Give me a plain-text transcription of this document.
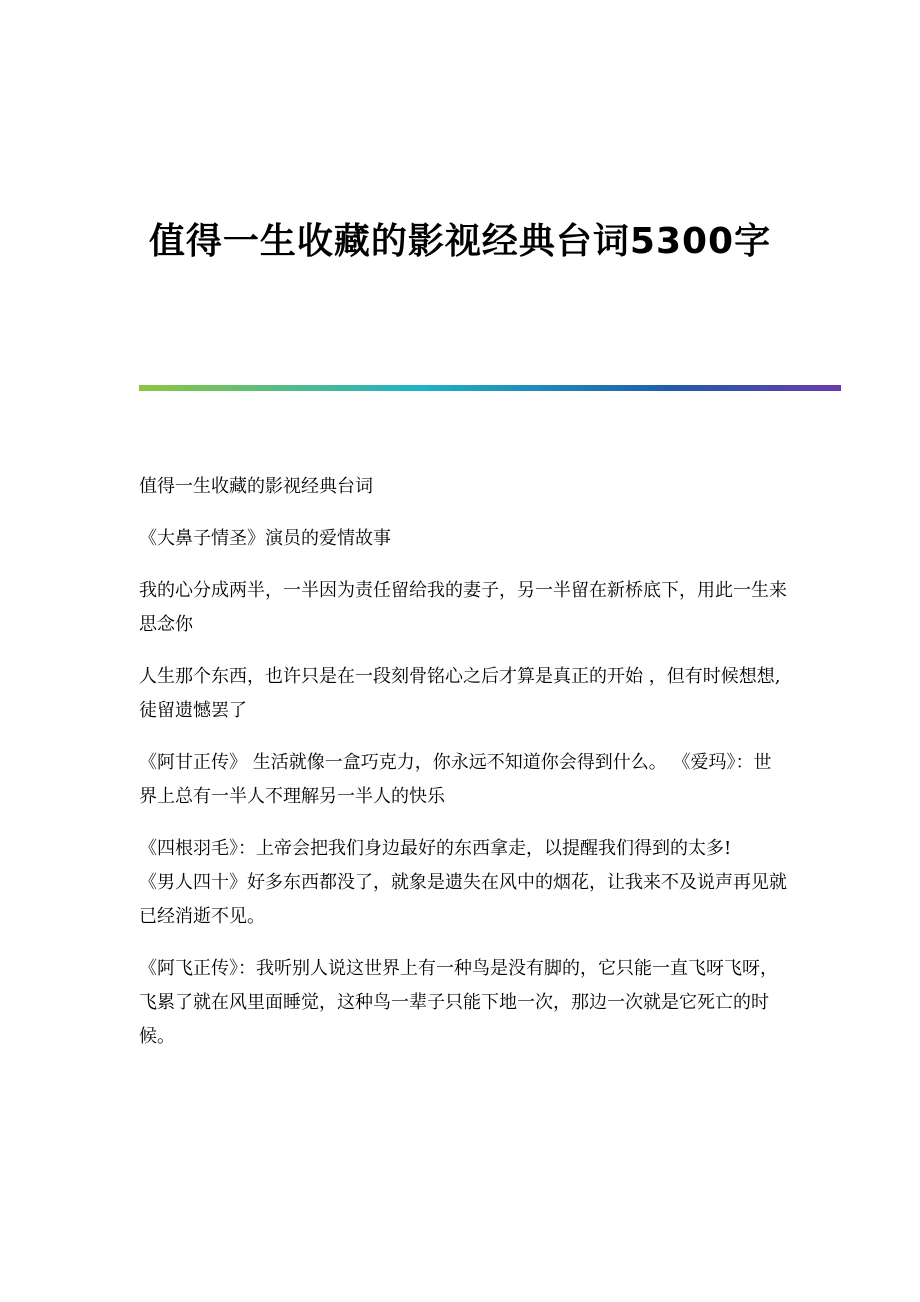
值得一生收藏的影视经典台词5300字

值得一生收藏的影视经典台词

《大鼻子情圣》演员的爱情故事

我的心分成两半，一半因为责任留给我的妻子，另一半留在新桥底下，用此一生来思念你

人生那个东西，也许只是在一段刻骨铭心之后才算是真正的开始 ，但有时候想想,徒留遗憾罢了

《阿甘正传》 生活就像一盒巧克力，你永远不知道你会得到什么。 《爱玛》：世界上总有一半人不理解另一半人的快乐

《四根羽毛》：上帝会把我们身边最好的东西拿走，以提醒我们得到的太多!

《男人四十》好多东西都没了，就象是遗失在风中的烟花，让我来不及说声再见就已经消逝不见。

《阿飞正传》：我听别人说这世界上有一种鸟是没有脚的，它只能一直飞呀飞呀，飞累了就在风里面睡觉，这种鸟一辈子只能下地一次，那边一次就是它死亡的时候。
